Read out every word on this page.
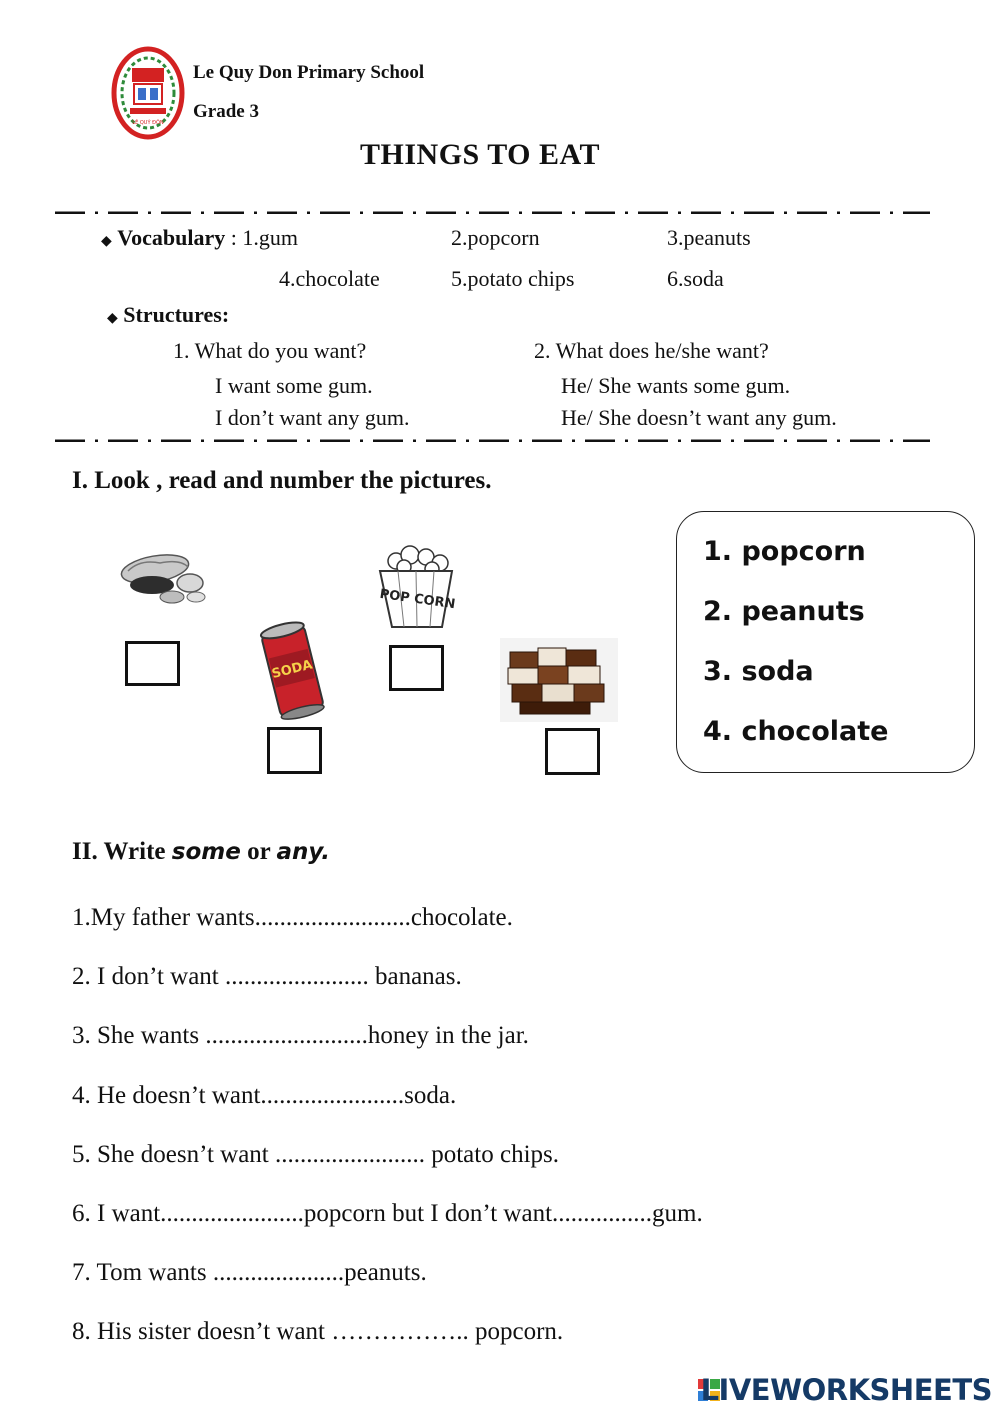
LÊ QUÝ ĐÔN
Le Quy Don Primary School
Grade 3
THINGS TO EAT
◆ Vocabulary : 1.gum	2.popcorn	3.peanuts
4.chocolate	5.potato chips	6.soda
◆ Structures:
1. What do you want?
I want some gum.
I don’t want any gum.
2. What does he/she want?
He/ She wants some gum.
He/ She doesn’t want any gum.
I. Look , read and number the pictures.
SODA
POP CORN
1. popcorn
2. peanuts
3. soda
4. chocolate
II. Write some or any.
1.My father wants.........................chocolate.
2. I don’t want ....................... bananas.
3. She wants ..........................honey in the jar.
4. He doesn’t want.......................soda.
5. She doesn’t want ........................ potato chips.
6. I want.......................popcorn but I don’t want................gum.
7. Tom wants .....................peanuts.
8. His sister doesn’t want …………….. popcorn.
LIVEWORKSHEETS
